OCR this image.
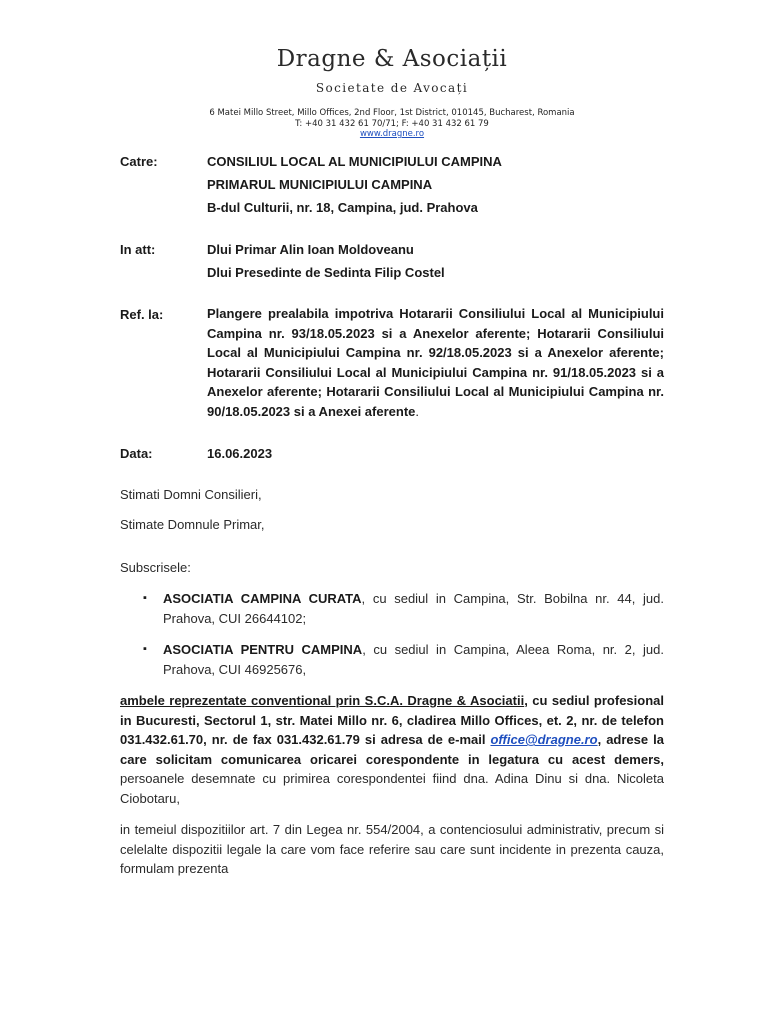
Dragne & Asociații
Societate de Avocați
6 Matei Millo Street, Millo Offices, 2nd Floor, 1st District, 010145, Bucharest, Romania
T: +40 31 432 61 70/71; F: +40 31 432 61 79
www.dragne.ro
Catre:	CONSILIUL LOCAL AL MUNICIPIULUI CAMPINA
PRIMARUL MUNICIPIULUI CAMPINA
B-dul Culturii, nr. 18, Campina, jud. Prahova
In att:	Dlui Primar Alin Ioan Moldoveanu
Dlui Presedinte de Sedinta Filip Costel
Ref. la:	Plangere prealabila impotriva Hotararii Consiliului Local al Municipiului Campina nr. 93/18.05.2023 si a Anexelor aferente; Hotararii Consiliului Local al Municipiului Campina nr. 92/18.05.2023 si a Anexelor aferente; Hotararii Consiliului Local al Municipiului Campina nr. 91/18.05.2023 si a Anexelor aferente; Hotararii Consiliului Local al Municipiului Campina nr. 90/18.05.2023 si a Anexei aferente.
Data:	16.06.2023
Stimati Domni Consilieri,
Stimate Domnule Primar,
Subscrisele:
▪ ASOCIATIA CAMPINA CURATA, cu sediul in Campina, Str. Bobilna nr. 44, jud. Prahova, CUI 26644102;
▪ ASOCIATIA PENTRU CAMPINA, cu sediul in Campina, Aleea Roma, nr. 2, jud. Prahova, CUI 46925676,
ambele reprezentate conventional prin S.C.A. Dragne & Asociatii, cu sediul profesional in Bucuresti, Sectorul 1, str. Matei Millo nr. 6, cladirea Millo Offices, et. 2, nr. de telefon 031.432.61.70, nr. de fax 031.432.61.79 si adresa de e-mail office@dragne.ro, adrese la care solicitam comunicarea oricarei corespondente in legatura cu acest demers, persoanele desemnate cu primirea corespondentei fiind dna. Adina Dinu si dna. Nicoleta Ciobotaru,
in temeiul dispozitiilor art. 7 din Legea nr. 554/2004, a contenciosului administrativ, precum si celelalte dispozitii legale la care vom face referire sau care sunt incidente in prezenta cauza, formulam prezenta
